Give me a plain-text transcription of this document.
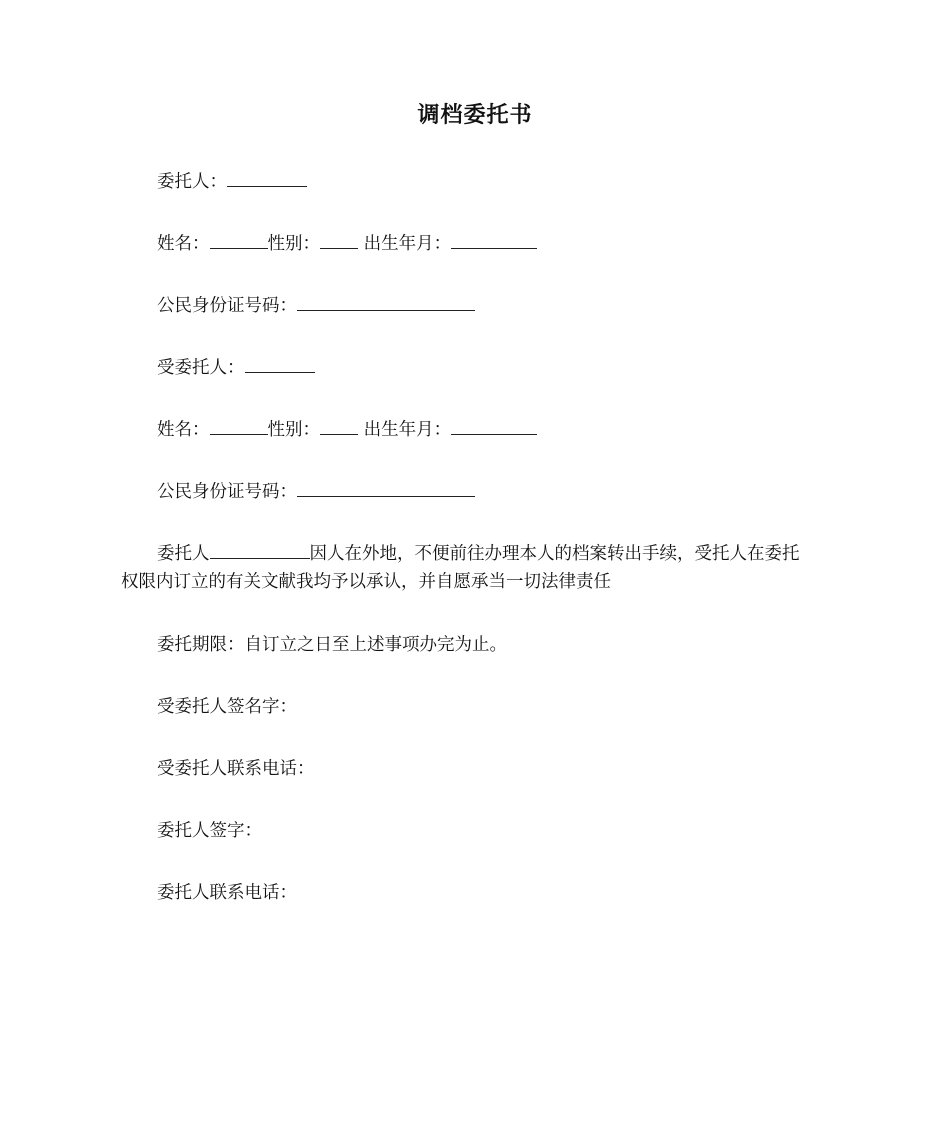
调档委托书
委托人：
姓名：	性别： 出生年月：
公民身份证号码：
受委托人：
姓名：	性别： 出生年月：
公民身份证号码：
委托人	因人在外地，不便前往办理本人的档案转出手续，受托人在委托
权限内订立的有关文献我均予以承认，并自愿承当一切法律责任
委托期限：自订立之日至上述事项办完为止。
受委托人签名字：
受委托人联系电话：
委托人签字：
委托人联系电话：
